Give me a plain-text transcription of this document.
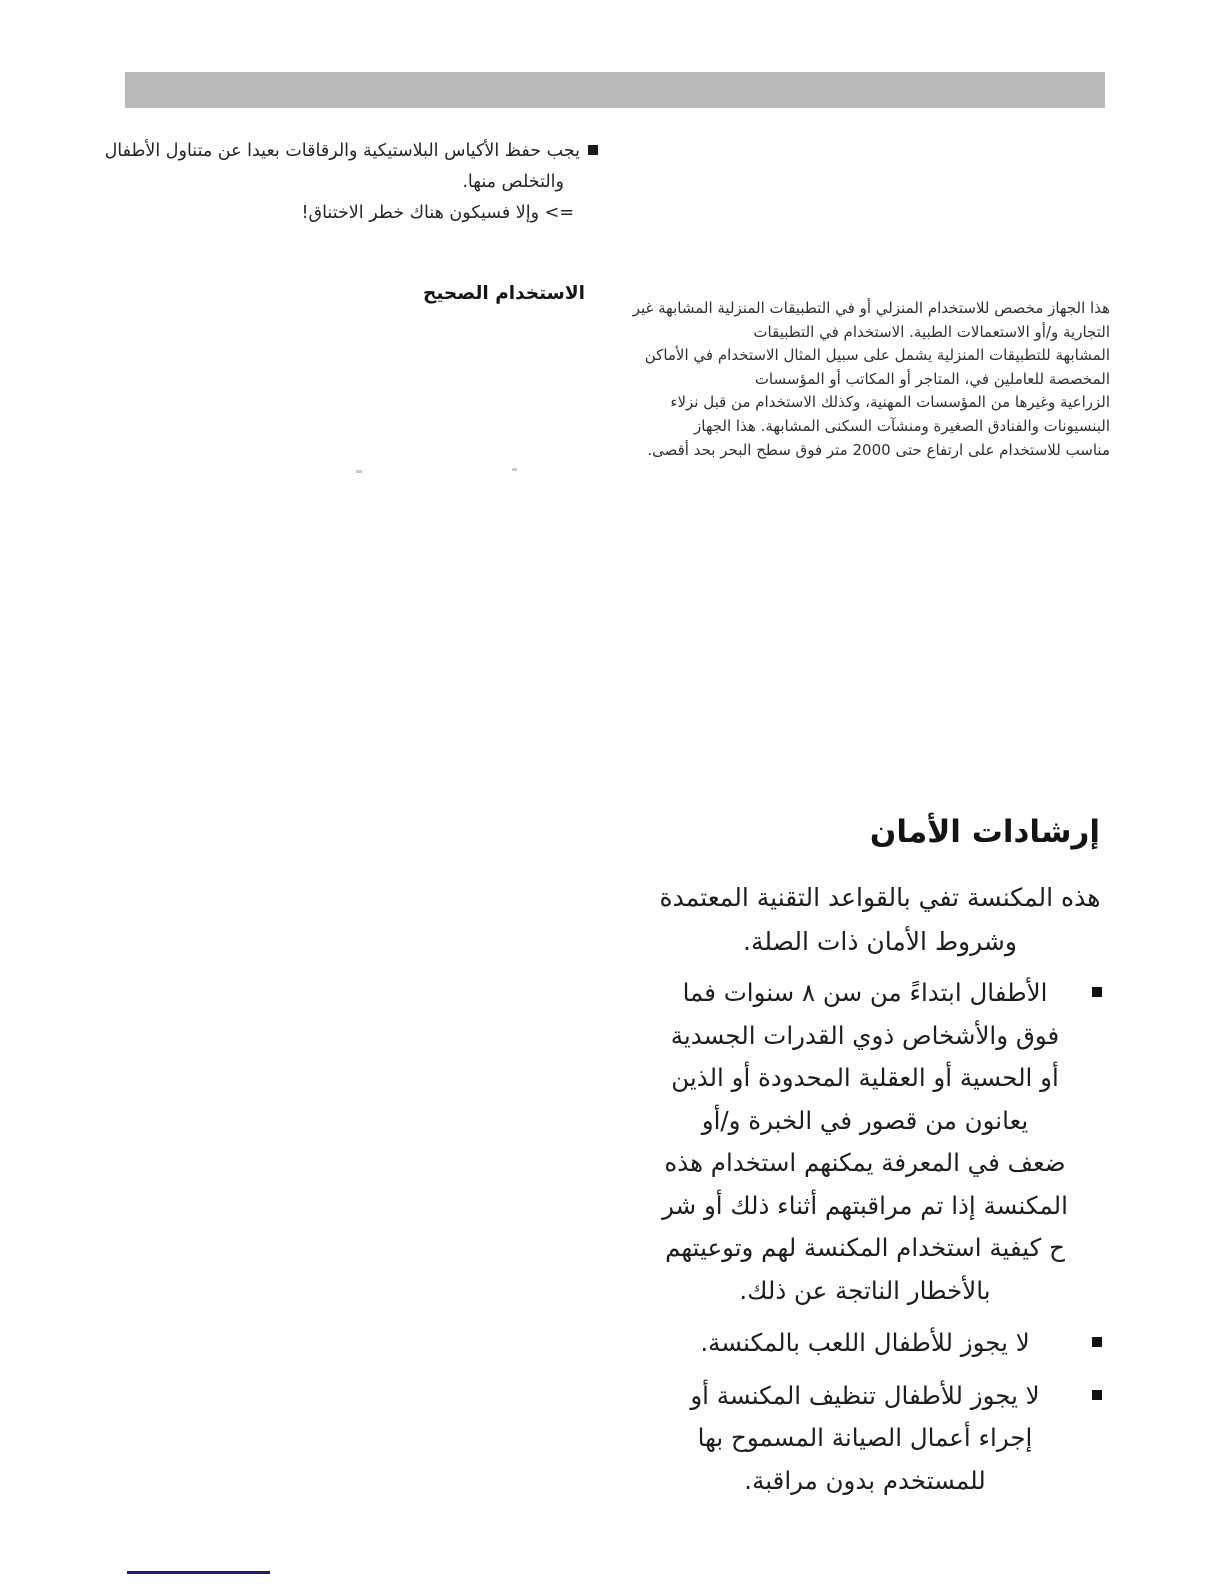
يجب حفظ الأكياس البلاستيكية والرقاقات بعيدا عن متناول الأطفال
والتخلص منها.
=> وإلا فسيكون هناك خطر الاختناق!
الاستخدام الصحيح
هذا الجهاز مخصص للاستخدام المنزلي أو في التطبيقات المنزلية المشابهة غير
التجارية و/أو الاستعمالات الطبية. الاستخدام في التطبيقات
المشابهة للتطبيقات المنزلية يشمل على سبيل المثال الاستخدام في الأماكن
المخصصة للعاملين في، المتاجر أو المكاتب أو المؤسسات
الزراعية وغيرها من المؤسسات المهنية، وكذلك الاستخدام من قبل نزلاء
البنسيونات والفنادق الصغيرة ومنشآت السكنى المشابهة. هذا الجهاز
مناسب للاستخدام على ارتفاع حتى 2000 متر فوق سطح البحر بحد أقصى.
إرشادات الأمان
هذه المكنسة تفي بالقواعد التقنية المعتمدة
وشروط الأمان ذات الصلة.
الأطفال ابتداءً من سن ٨ سنوات فما
فوق والأشخاص ذوي القدرات الجسدية
أو الحسية أو العقلية المحدودة أو الذين
يعانون من قصور في الخبرة و/أو
ضعف في المعرفة يمكنهم استخدام هذه
المكنسة إذا تم مراقبتهم أثناء ذلك أو شر
ح كيفية استخدام المكنسة لهم وتوعيتهم
بالأخطار الناتجة عن ذلك.
لا يجوز للأطفال اللعب بالمكنسة.
لا يجوز للأطفال تنظيف المكنسة أو
إجراء أعمال الصيانة المسموح بها
للمستخدم بدون مراقبة.
